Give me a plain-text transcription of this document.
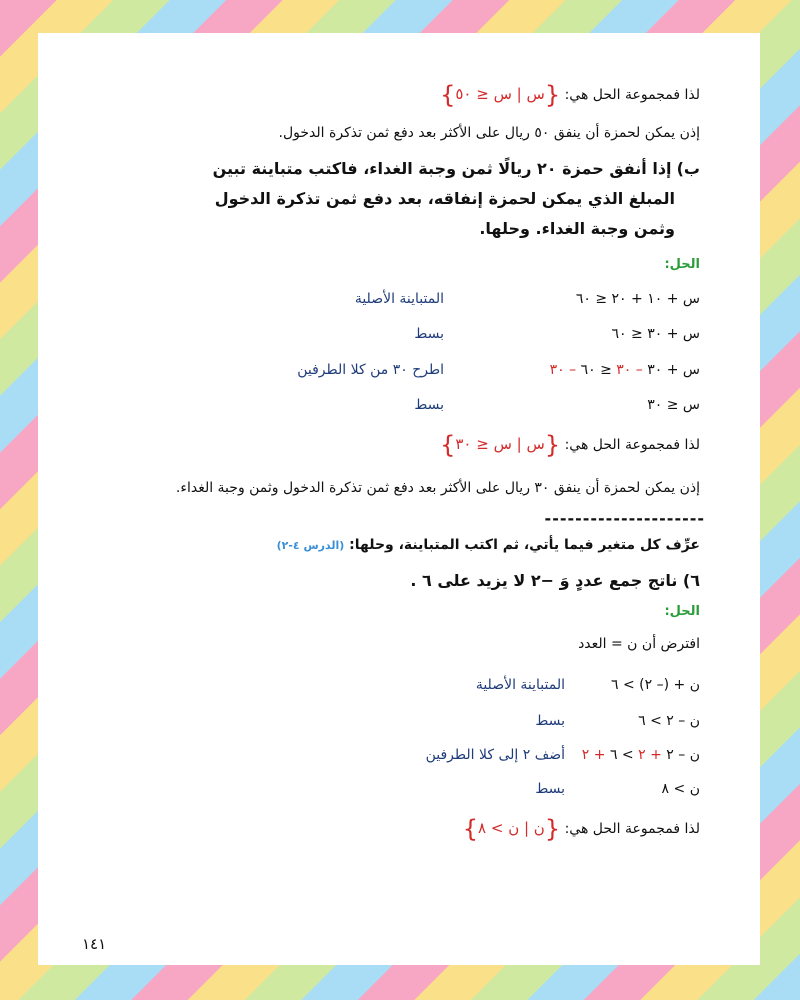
لذا فمجموعة الحل هي: {س | س ≤ ٥٠}
إذن يمكن لحمزة أن ينفق ٥٠ ريال على الأكثر بعد دفع ثمن تذكرة الدخول.
ب) إذا أنفق حمزة ٢٠ ريالًا ثمن وجبة الغداء، فاكتب متباينة تبين
المبلغ الذي يمكن لحمزة إنفاقه، بعد دفع ثمن تذكرة الدخول
وثمن وجبة الغداء. وحلها.
الحل:
س + ١٠ + ٢٠ ≤ ٦٠
المتباينة الأصلية
س + ٣٠ ≤ ٦٠
بسط
س + ٣٠ – ٣٠ ≤ ٦٠ – ٣٠
اطرح ٣٠ من كلا الطرفين
س ≤ ٣٠
بسط
لذا فمجموعة الحل هي: {س | س ≤ ٣٠}
إذن يمكن لحمزة أن ينفق ٣٠ ريال على الأكثر بعد دفع ثمن تذكرة الدخول وثمن وجبة الغداء.
---------------------
عرِّف كل متغير فيما يأتي، ثم اكتب المتباينة، وحلها: (الدرس ٤-٢)
٦) ناتج جمع عددٍ وَ −٢ لا يزيد على ٦ .
الحل:
افترض أن ن = العدد
ن + (– ٢) > ٦
المتباينة الأصلية
ن – ٢ > ٦
بسط
ن – ٢ + ٢ > ٦ + ٢
أضف ٢ إلى كلا الطرفين
ن > ٨
بسط
لذا فمجموعة الحل هي: {ن | ن > ٨}
١٤١
